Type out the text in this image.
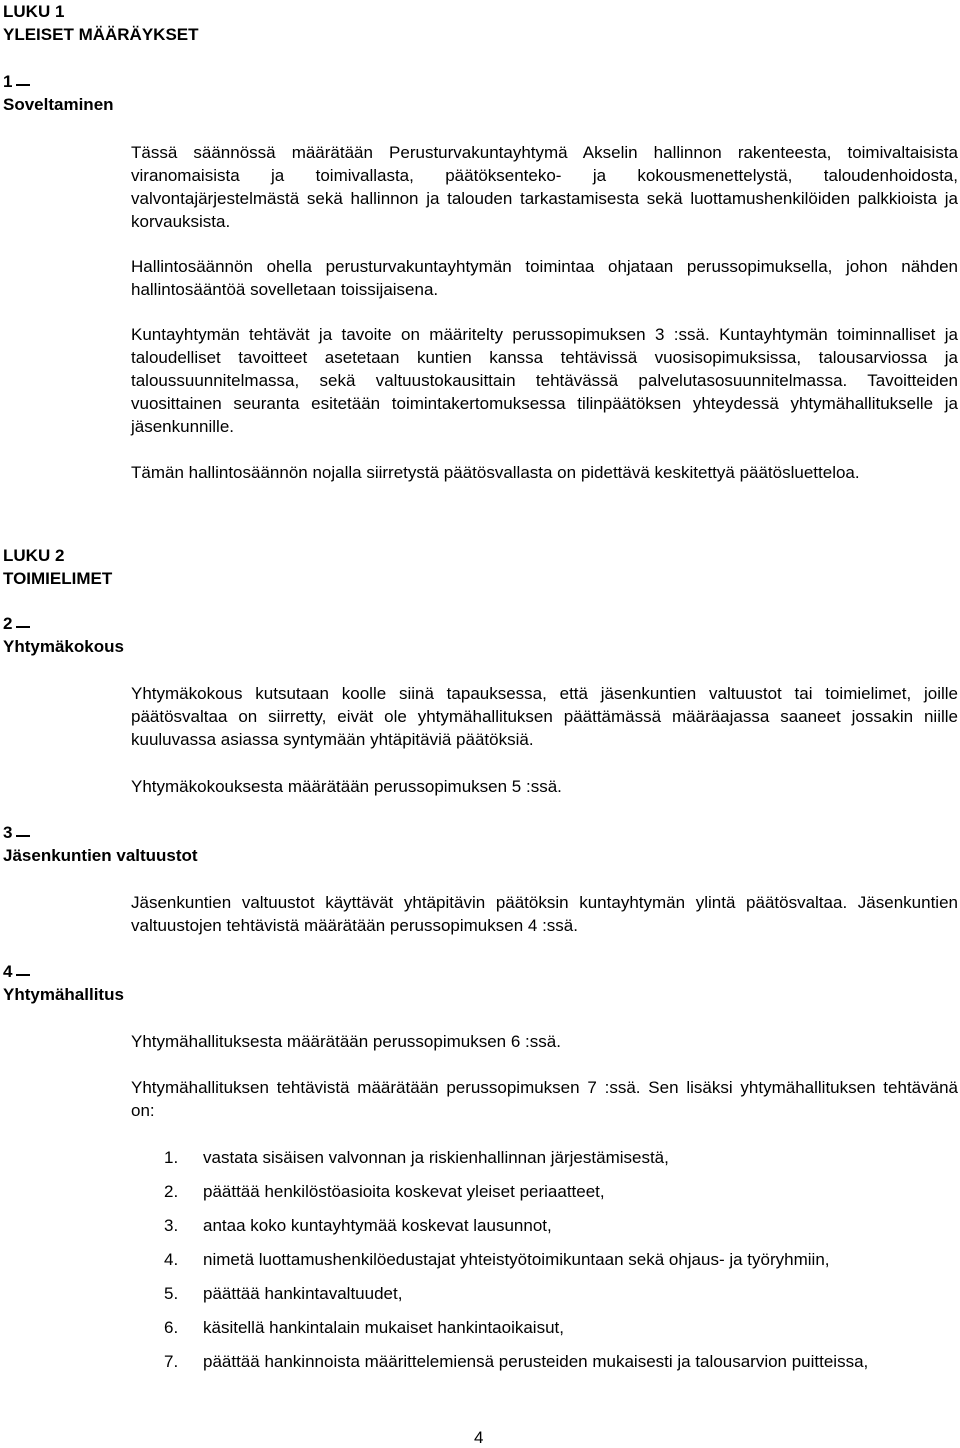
LUKU 1
YLEISET MÄÄRÄYKSET
1
Soveltaminen

Tässä säännössä määrätään Perusturvakuntayhtymä Akselin hallinnon rakenteesta, toimivaltaisista viranomaisista ja toimivallasta, päätöksenteko- ja kokousmenettelystä, taloudenhoidosta, valvontajärjestelmästä sekä hallinnon ja talouden tarkastamisesta sekä luottamushenkilöiden palkkioista ja korvauksista.

Hallintosäännön ohella perusturvakuntayhtymän toimintaa ohjataan perussopimuksella, johon nähden hallintosääntöä sovelletaan toissijaisena.

Kuntayhtymän tehtävät ja tavoite on määritelty perussopimuksen 3 :ssä. Kuntayhtymän toiminnalliset ja taloudelliset tavoitteet asetetaan kuntien kanssa tehtävissä vuosisopimuksissa, talousarviossa ja taloussuunnitelmassa, sekä valtuustokausittain tehtävässä palvelutasosuunnitelmassa. Tavoitteiden vuosittainen seuranta esitetään toimintakertomuksessa tilinpäätöksen yhteydessä yhtymähallitukselle ja jäsenkunnille.

Tämän hallintosäännön nojalla siirretystä päätösvallasta on pidettävä keskitettyä päätösluetteloa.

LUKU 2
TOIMIELIMET
2
Yhtymäkokous

Yhtymäkokous kutsutaan koolle siinä tapauksessa, että jäsenkuntien valtuustot tai toimielimet, joille päätösvaltaa on siirretty, eivät ole yhtymähallituksen päättämässä määräajassa saaneet jossakin niille kuuluvassa asiassa syntymään yhtäpitäviä päätöksiä.

Yhtymäkokouksesta määrätään perussopimuksen 5 :ssä.

3
Jäsenkuntien valtuustot

Jäsenkuntien valtuustot käyttävät yhtäpitävin päätöksin kuntayhtymän ylintä päätösvaltaa. Jäsenkuntien valtuustojen tehtävistä määrätään perussopimuksen 4 :ssä.

4
Yhtymähallitus

Yhtymähallituksesta määrätään perussopimuksen 6 :ssä.

Yhtymähallituksen tehtävistä määrätään perussopimuksen 7 :ssä. Sen lisäksi yhtymähallituksen tehtävänä on:

1. vastata sisäisen valvonnan ja riskienhallinnan järjestämisestä,
2. päättää henkilöstöasioita koskevat yleiset periaatteet,
3. antaa koko kuntayhtymää koskevat lausunnot,
4. nimetä luottamushenkilöedustajat yhteistyötoimikuntaan sekä ohjaus- ja työryhmiin,
5. päättää hankintavaltuudet,
6. käsitellä hankintalain mukaiset hankintaoikaisut,
7. päättää hankinnoista määrittelemiensä perusteiden mukaisesti ja talousarvion puitteissa,
4
